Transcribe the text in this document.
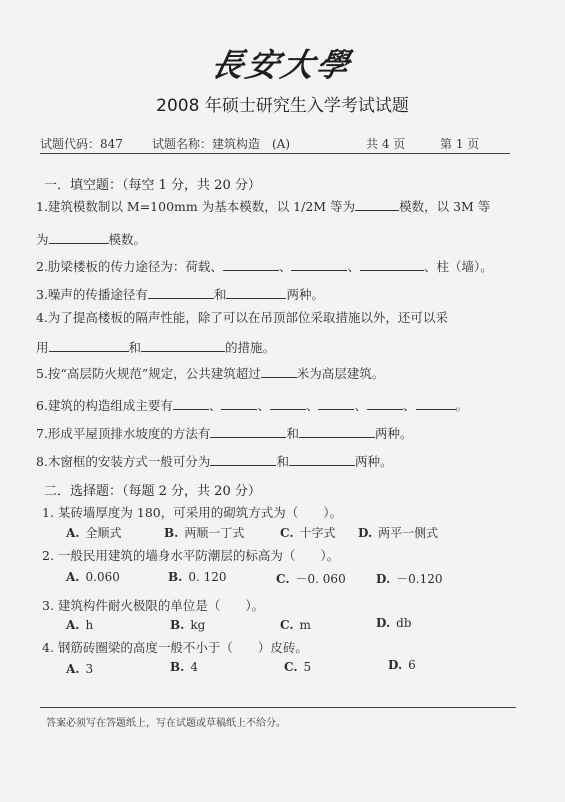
長安大學
2008 年硕士研究生入学考试试题
试题代码：847 试题名称：建筑构造　(A)	共 4 页	第 1 页
一．填空题：（每空 1 分，共 20 分）
1.建筑模数制以 M=100mm 为基本模数，以 1/2M 等为	模数，以 3M 等
为	模数。
2.肋梁楼板的传力途径为：荷载、	、	、	、柱（墙）。
3.噪声的传播途径有	和	两种。
4.为了提高楼板的隔声性能，除了可以在吊顶部位采取措施以外，还可以采
用	和	的措施。
5.按“高层防火规范”规定，公共建筑超过	米为高层建筑。
6.建筑的构造组成主要有	、	、	、	、	、	。
7.形成平屋顶排水坡度的方法有	和	两种。
8.木窗框的安装方式一般可分为	和	两种。
二．选择题：（每题 2 分，共 20 分）
1. 某砖墙厚度为 180，可采用的砌筑方式为（　　）。
A. 全顺式	B. 两顺一丁式	C. 十字式 D. 两平一侧式
2. 一般民用建筑的墙身水平防潮层的标高为（　　）。
A. 0.060	B. 0. 120	C. －0. 060	D. －0.120
3. 建筑构件耐火极限的单位是（　　）。
A. h	B. kg	C. m	D. db
4. 钢筋砖圈梁的高度一般不小于（　　）皮砖。
A. 3	B. 4	C. 5	D. 6
答案必须写在答题纸上，写在试题或草稿纸上不给分。
